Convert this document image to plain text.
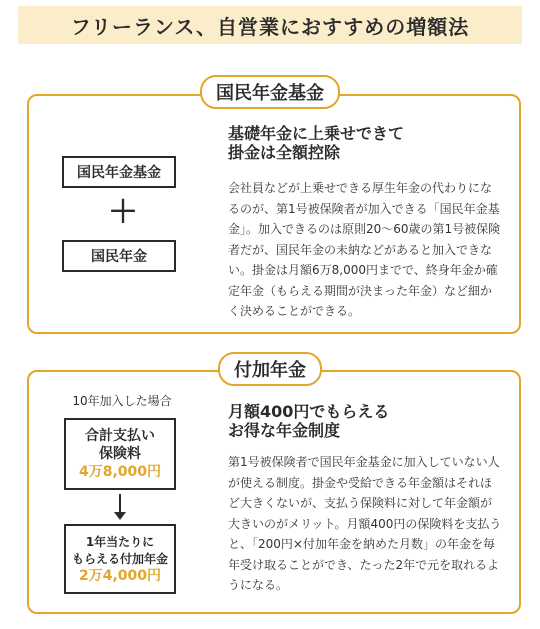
フリーランス、自営業におすすめの増額法
国民年金基金
国民年金基金
＋
国民年金
基礎年金に上乗せできて
掛金は全額控除
会社員などが上乗せできる厚生年金の代わりになるのが、第1号被保険者が加入できる「国民年金基金」。加入できるのは原則20〜60歳の第1号被保険者だが、国民年金の未納などがあると加入できない。掛金は月額6万8,000円までで、終身年金か確定年金（もらえる期間が決まった年金）など細かく決めることができる。
付加年金
10年加入した場合
合計支払い
保険料
4万8,000円
1年当たりに
もらえる付加年金
2万4,000円
月額400円でもらえる
お得な年金制度
第1号被保険者で国民年金基金に加入していない人が使える制度。掛金や受給できる年金額はそれほど大きくないが、支払う保険料に対して年金額が大きいのがメリット。月額400円の保険料を支払うと、「200円×付加年金を納めた月数」の年金を毎年受け取ることができ、たった2年で元を取れるようになる。
